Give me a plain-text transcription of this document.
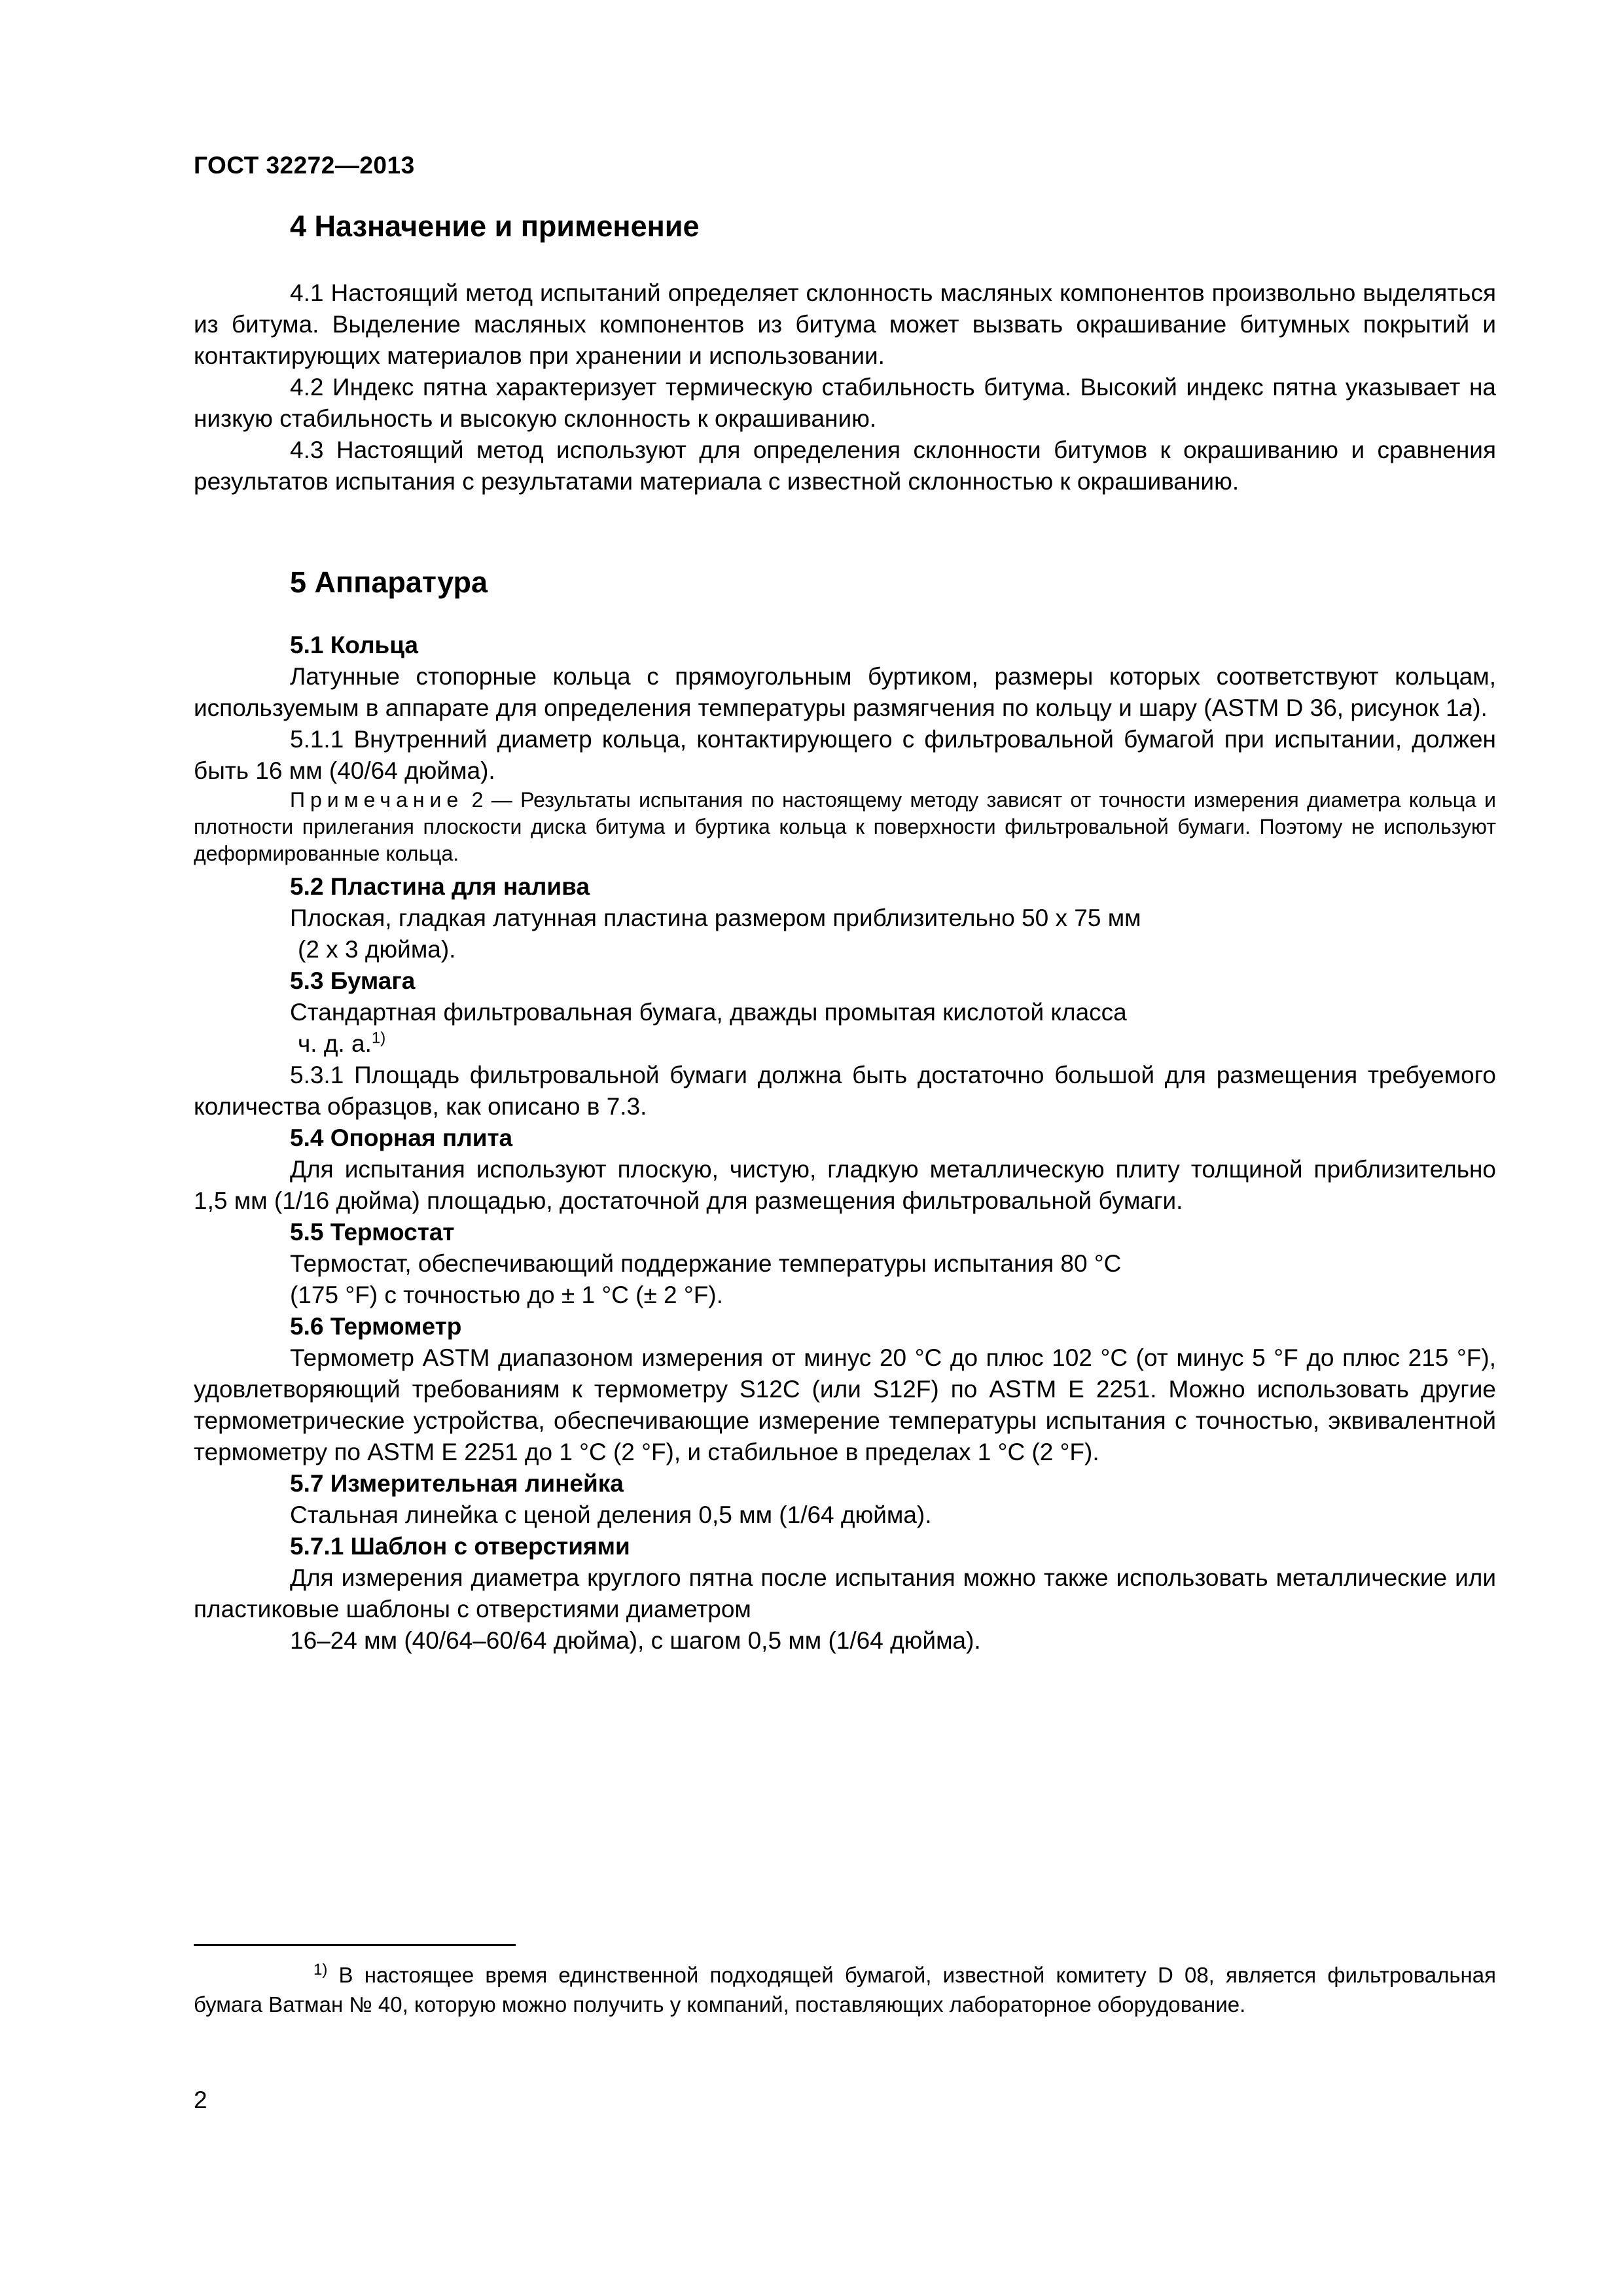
ГОСТ 32272—2013
4 Назначение и применение

4.1 Настоящий метод испытаний определяет склонность масляных компонентов произвольно выделяться из битума. Выделение масляных компонентов из битума может вызвать окрашивание битумных покрытий и контактирующих материалов при хранении и использовании.

4.2 Индекс пятна характеризует термическую стабильность битума. Высокий индекс пятна указывает на низкую стабильность и высокую склонность к окрашиванию.

4.3 Настоящий метод используют для определения склонности битумов к окрашиванию и сравнения результатов испытания с результатами материала с известной склонностью к окрашиванию.

5 Аппаратура

5.1 Кольца

Латунные стопорные кольца с прямоугольным буртиком, размеры которых соответствуют кольцам, используемым в аппарате для определения температуры размягчения по кольцу и шару (ASTM D 36, рисунок 1а).

5.1.1 Внутренний диаметр кольца, контактирующего с фильтровальной бумагой при испытании, должен быть 16 мм (40/64 дюйма).

Примечание 2 — Результаты испытания по настоящему методу зависят от точности измерения диаметра кольца и плотности прилегания плоскости диска битума и буртика кольца к поверхности фильтровальной бумаги. Поэтому не используют деформированные кольца.

5.2 Пластина для налива

Плоская, гладкая латунная пластина размером приблизительно 50 х 75 мм

(2 х 3 дюйма).

5.3 Бумага

Стандартная фильтровальная бумага, дважды промытая кислотой класса

ч. д. а.$^{1)}$

5.3.1 Площадь фильтровальной бумаги должна быть достаточно большой для размещения требуемого количества образцов, как описано в 7.3.

5.4 Опорная плита

Для испытания используют плоскую, чистую, гладкую металлическую плиту толщиной приблизительно 1,5 мм (1/16 дюйма) площадью, достаточной для размещения фильтровальной бумаги.

5.5 Термостат

Термостат, обеспечивающий поддержание температуры испытания 80 °С

(175 °F) с точностью до ± 1 °С (± 2 °F).

5.6 Термометр

Термометр ASTM диапазоном измерения от минус 20 °С до плюс 102 °С (от минус 5 °F до плюс 215 °F), удовлетворяющий требованиям к термометру S12C (или S12F) по ASTM E 2251. Можно использовать другие термометрические устройства, обеспечивающие измерение температуры испытания с точностью, эквивалентной термометру по ASTM E 2251 до 1 °С (2 °F), и стабильное в пределах 1 °С (2 °F).

5.7 Измерительная линейка

Стальная линейка с ценой деления 0,5 мм (1/64 дюйма).

5.7.1 Шаблон с отверстиями

Для измерения диаметра круглого пятна после испытания можно также использовать металлические или пластиковые шаблоны с отверстиями диаметром

16–24 мм (40/64–60/64 дюйма), с шагом 0,5 мм (1/64 дюйма).

$^{1)}$ В настоящее время единственной подходящей бумагой, известной комитету D 08, является фильтровальная бумага Ватман № 40, которую можно получить у компаний, поставляющих лабораторное оборудование.

2
